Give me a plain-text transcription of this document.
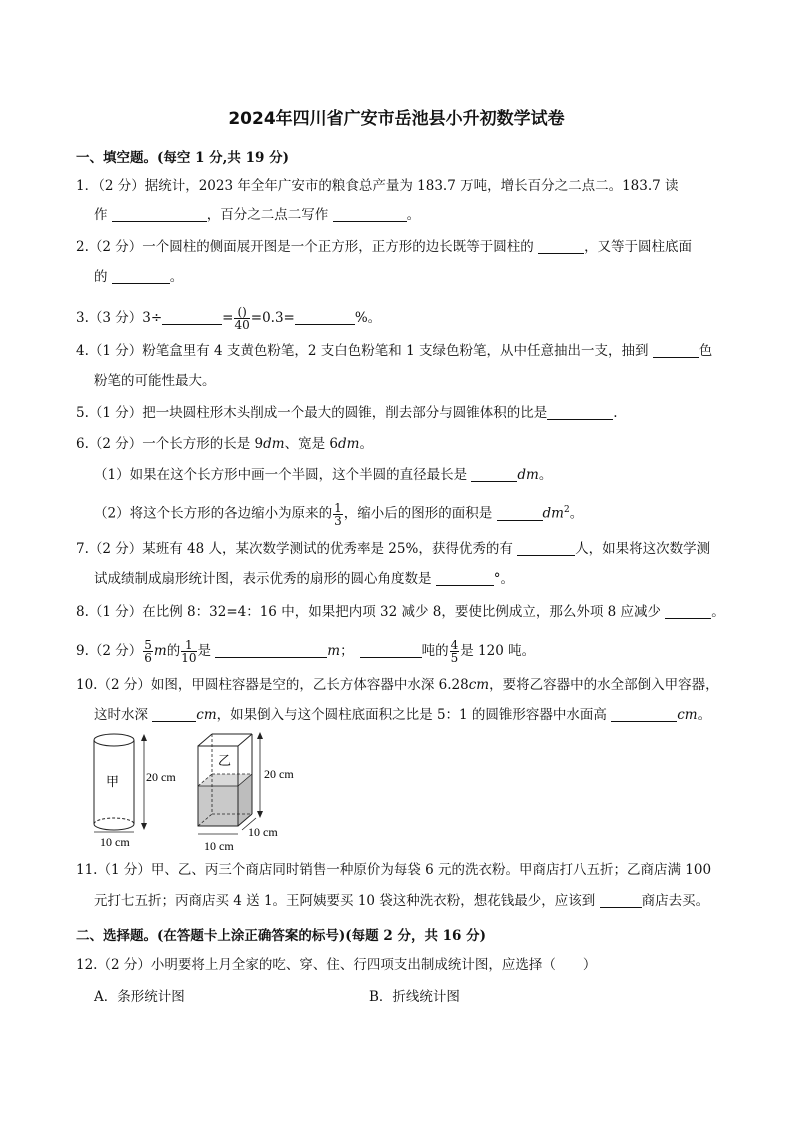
2024年四川省广安市岳池县小升初数学试卷
一、填空题。(每空 1 分,共 19 分)
1．（2 分）据统计，2023 年全年广安市的粮食总产量为 183.7 万吨，增长百分之二点二。183.7 读
作	，百分之二点二写作	。
2.（2 分）一个圆柱的侧面展开图是一个正方形，正方形的边长既等于圆柱的	，又等于圆柱底面
的	。
3.（3 分）3÷	= $\frac{()}{40} =0.3=$	%。
4.（1 分）粉笔盒里有 4 支黄色粉笔，2 支白色粉笔和 1 支绿色粉笔，从中任意抽出一支，抽到	色
粉笔的可能性最大。
5.（1 分）把一块圆柱形木头削成一个最大的圆锥，削去部分与圆锥体积的比是	.
6.（2 分）一个长方形的长是 9dm、宽是 6dm。
（1）如果在这个长方形中画一个半圆，这个半圆的直径最长是	dm。
（2）将这个长方形的各边缩小为原来的 $\frac{1}{3}$ ，缩小后的图形的面积是	$dm^2$。
7.（2 分）某班有 48 人，某次数学测试的优秀率是 25%，获得优秀的有	人，如果将这次数学测
试成绩制成扇形统计图，表示优秀的扇形的圆心角度数是	°。
8.（1 分）在比例 8：32=4：16 中，如果把内项 32 减少 8，要使比例成立，那么外项 8 应减少	。
9.（2 分） $\frac{5}{6}$ m的 $\frac{1}{10}$ 是	m；	吨的 $\frac{4}{5}$ 是 120 吨。
10.（2 分）如图，甲圆柱容器是空的，乙长方体容器中水深 6.28cm，要将乙容器中的水全部倒入甲容器，
这时水深	cm，如果倒入与这个圆柱底面积之比是 5：1 的圆锥形容器中水面高	cm。
甲 20 cm
10 cm
乙
20 cm
10 cm
10 cm
11.（1 分）甲、乙、丙三个商店同时销售一种原价为每袋 6 元的洗衣粉。甲商店打八五折；乙商店满 100
元打七五折；丙商店买 4 送 1。王阿姨要买 10 袋这种洗衣粉，想花钱最少，应该到	商店去买。
二、选择题。(在答题卡上涂正确答案的标号)(每题 2 分，共 16 分)
12.（2 分）小明要将上月全家的吃、穿、住、行四项支出制成统计图，应选择（　　）
A．条形统计图	B．折线统计图
